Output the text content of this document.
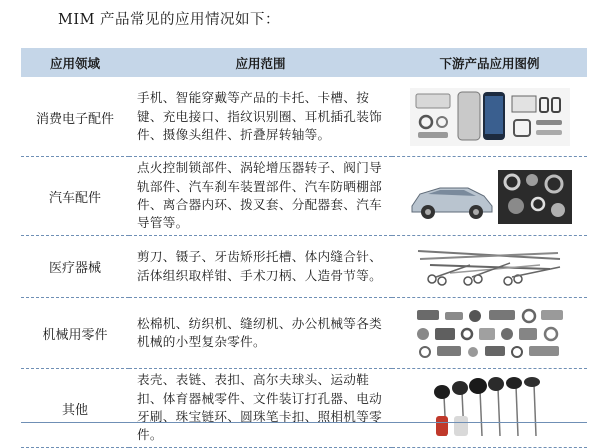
MIM 产品常见的应用情况如下：
应用领域	应用范围	下游产品应用图例
消费电子配件	手机、智能穿戴等产品的卡托、卡槽、按键、充电接口、指纹识别圈、耳机插孔装饰件、摄像头组件、折叠屏转轴等。	

汽车配件	点火控制锁部件、涡轮增压器转子、阀门导轨部件、汽车刹车装置部件、汽车防晒棚部件、离合器内环、拨叉套、分配器套、汽车导管等。	

医疗器械	剪刀、镊子、牙齿矫形托槽、体内缝合针、活体组织取样钳、手术刀柄、人造骨节等。	

机械用零件	松棉机、纺织机、缝纫机、办公机械等各类机械的小型复杂零件。	

其他	表壳、表链、表扣、高尔夫球头、运动鞋扣、体育器械零件、文件装订打孔器、电动牙刷、珠宝链环、圆珠笔卡扣、照相机等零件。	
